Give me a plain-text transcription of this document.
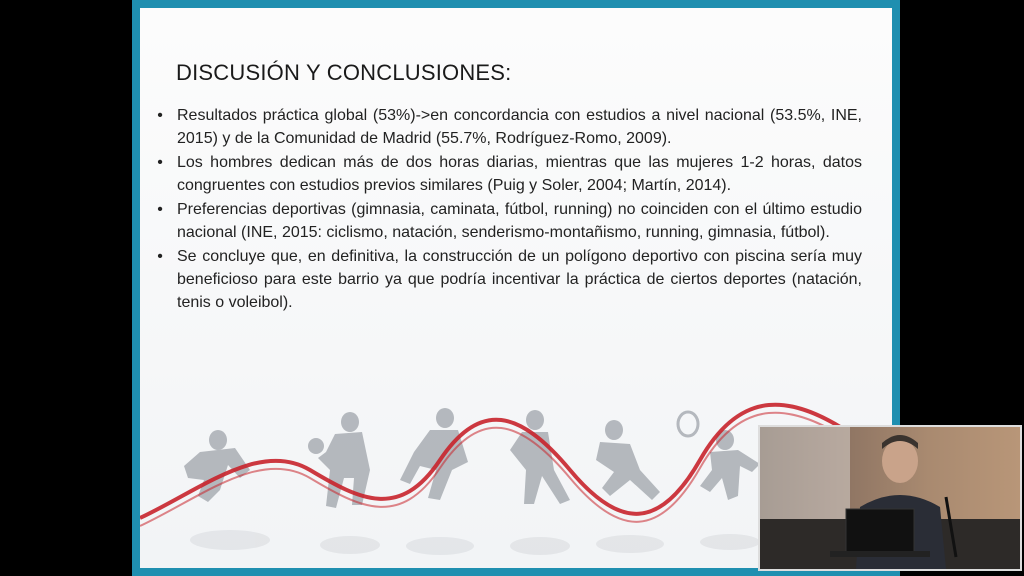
DISCUSIÓN Y CONCLUSIONES:
• Resultados práctica global (53%)->en concordancia con estudios a nivel nacional (53.5%, INE, 2015) y de la Comunidad de Madrid (55.7%, Rodríguez-Romo, 2009).
• Los hombres dedican más de dos horas diarias, mientras que las mujeres 1-2 horas, datos congruentes con estudios previos similares (Puig y Soler, 2004; Martín, 2014).
• Preferencias deportivas (gimnasia, caminata, fútbol, running) no coinciden con el último estudio nacional (INE, 2015: ciclismo, natación, senderismo-montañismo, running, gimnasia, fútbol).
• Se concluye que, en definitiva, la construcción de un polígono deportivo con piscina sería muy beneficioso para este barrio ya que podría incentivar la práctica de ciertos deportes (natación, tenis o voleibol).
